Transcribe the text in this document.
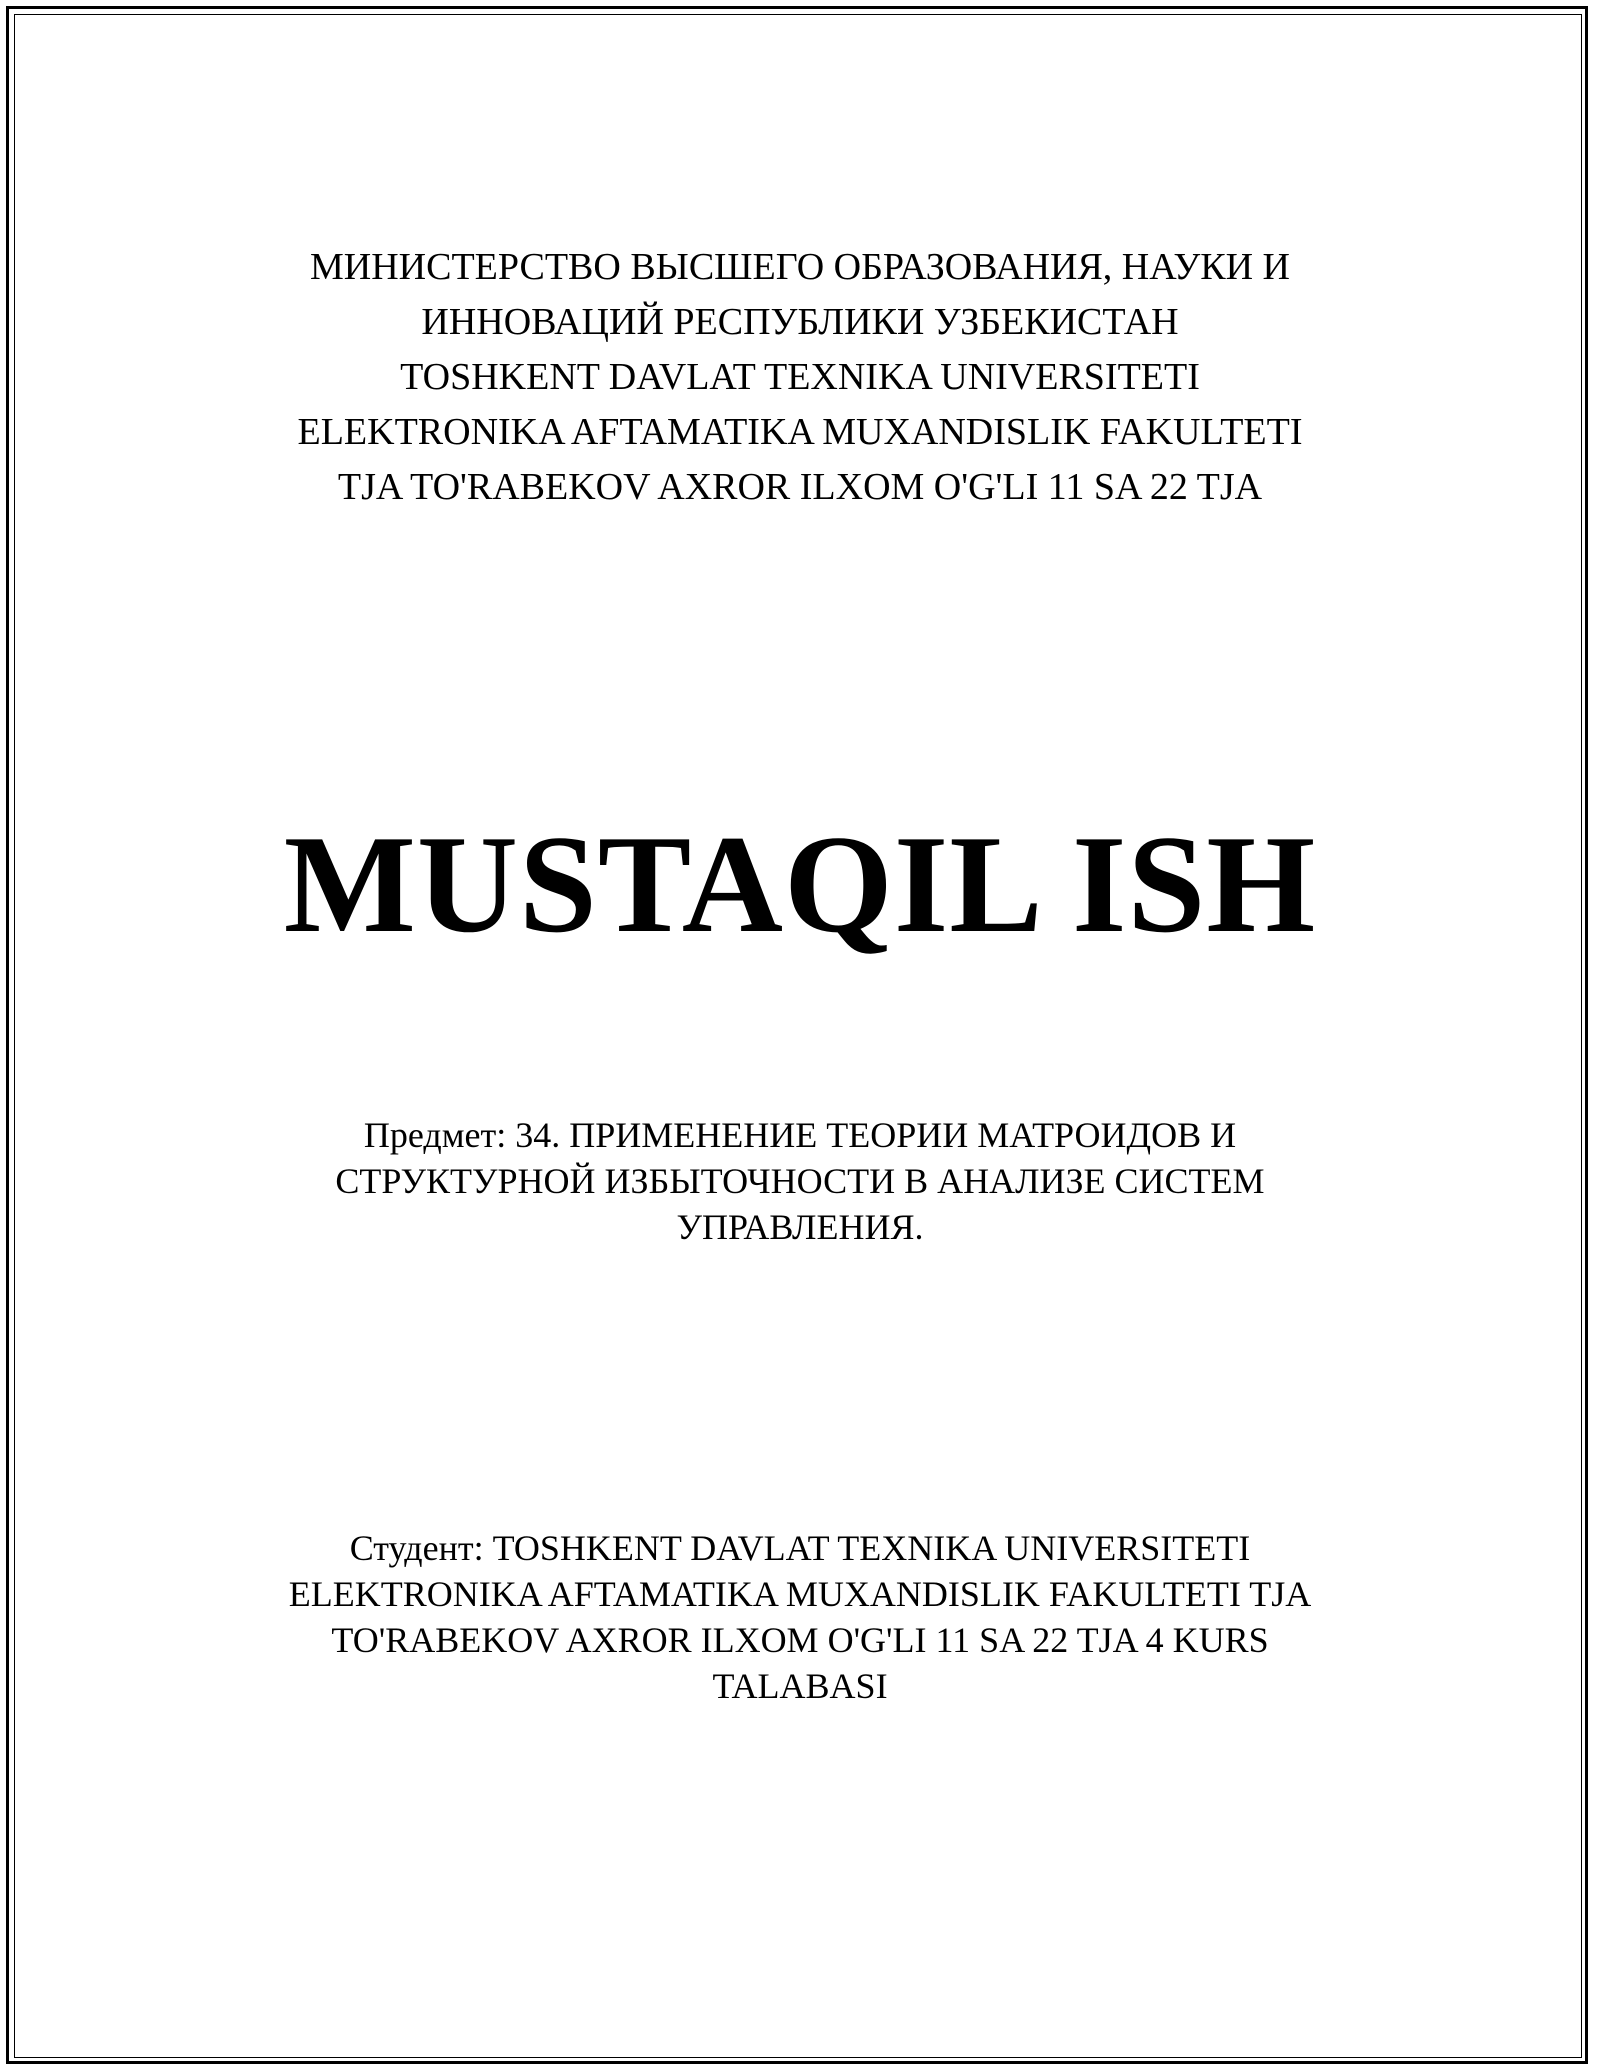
МИНИСТЕРСТВО ВЫСШЕГО ОБРАЗОВАНИЯ, НАУКИ И
ИННОВАЦИЙ РЕСПУБЛИКИ УЗБЕКИСТАН
TOSHKENT DAVLAT TEXNIKA UNIVERSITETI
ELEKTRONIKA AFTAMATIKA MUXANDISLIK FAKULTETI
TJA TO'RABEKOV AXROR ILXOM O'G'LI 11 SA 22 TJA
MUSTAQIL ISH
Предмет: 34. ПРИМЕНЕНИЕ ТЕОРИИ МАТРОИДОВ И СТРУКТУРНОЙ ИЗБЫТОЧНОСТИ В АНАЛИЗЕ СИСТЕМ УПРАВЛЕНИЯ.
Студент: TOSHKENT DAVLAT TEXNIKA UNIVERSITETI ELEKTRONIKA AFTAMATIKA MUXANDISLIK FAKULTETI TJA TO'RABEKOV AXROR ILXOM O'G'LI 11 SA 22 TJA 4 KURS TALABASI
